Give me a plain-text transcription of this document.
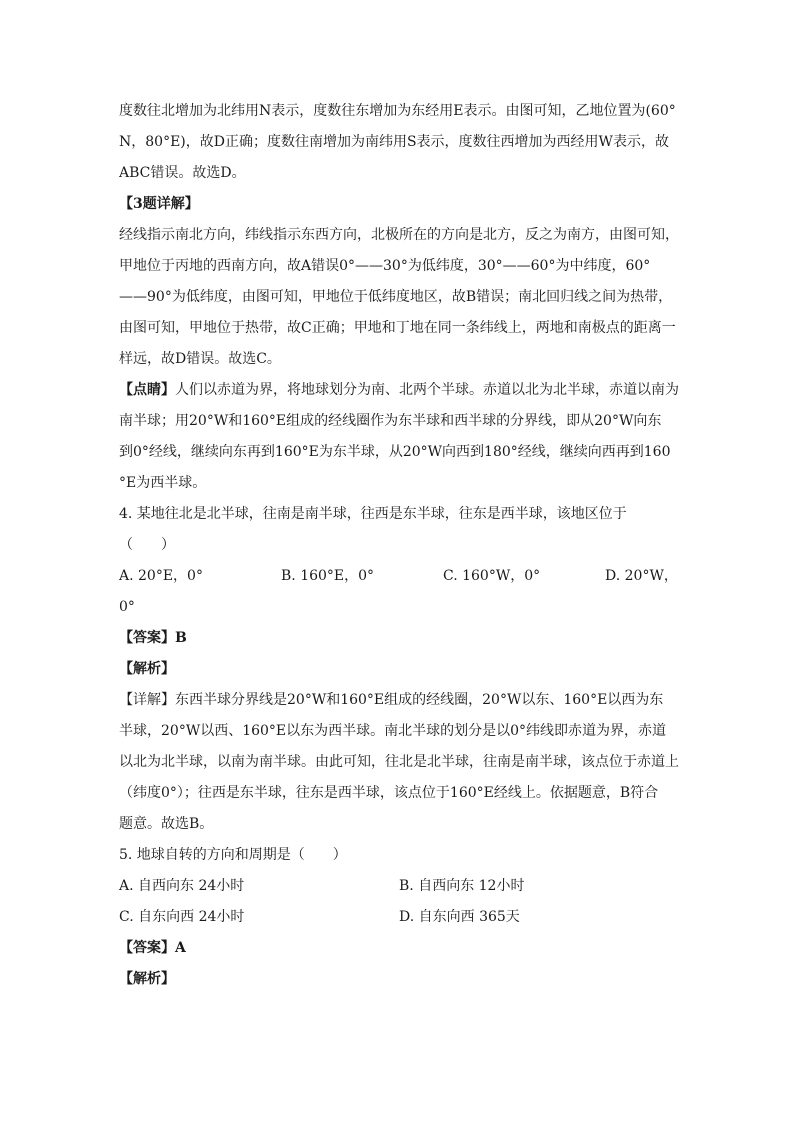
度数往北增加为北纬用N表示，度数往东增加为东经用E表示。由图可知，乙地位置为(60°
N，80°E)，故D正确；度数往南增加为南纬用S表示，度数往西增加为西经用W表示，故
ABC错误。故选D。
【3题详解】
经线指示南北方向，纬线指示东西方向，北极所在的方向是北方，反之为南方，由图可知，
甲地位于丙地的西南方向，故A错误0°——30°为低纬度，30°——60°为中纬度，60°
——90°为低纬度，由图可知，甲地位于低纬度地区，故B错误；南北回归线之间为热带，
由图可知，甲地位于热带，故C正确；甲地和丁地在同一条纬线上，两地和南极点的距离一
样远，故D错误。故选C。
【点睛】人们以赤道为界，将地球划分为南、北两个半球。赤道以北为北半球，赤道以南为
南半球；用20°W和160°E组成的经线圈作为东半球和西半球的分界线，即从20°W向东
到0°经线，继续向东再到160°E为东半球，从20°W向西到180°经线，继续向西再到160
°E为西半球。
4. 某地往北是北半球，往南是南半球，往西是东半球，往东是西半球，该地区位于
（　　）
A. 20°E，0°	B. 160°E，0°	C. 160°W，0°	D. 20°W，
0°
【答案】B
【解析】
【详解】东西半球分界线是20°W和160°E组成的经线圈，20°W以东、160°E以西为东
半球，20°W以西、160°E以东为西半球。南北半球的划分是以0°纬线即赤道为界，赤道
以北为北半球，以南为南半球。由此可知，往北是北半球，往南是南半球，该点位于赤道上
（纬度0°）；往西是东半球，往东是西半球，该点位于160°E经线上。依据题意，B符合
题意。故选B。
5. 地球自转的方向和周期是（　　）
A. 自西向东 24小时	B. 自西向东 12小时
C. 自东向西 24小时	D. 自东向西 365天
【答案】A
【解析】
